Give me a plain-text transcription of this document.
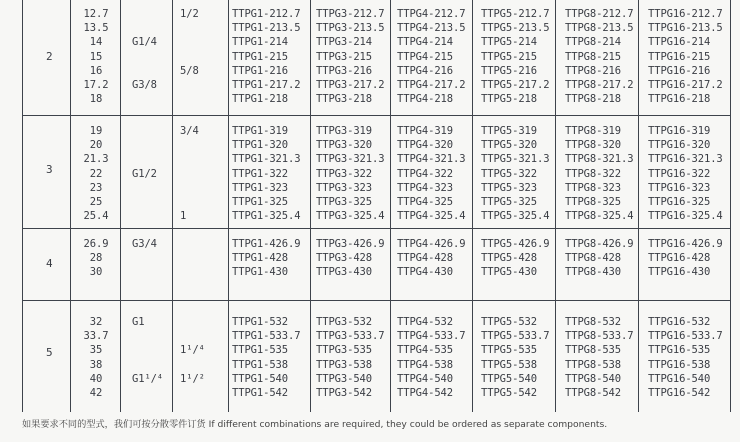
2
12.7
13.5
14
15
16
17.2
18
G1/4
G3/8
1/2
5/8
TTPG1-212.7
TTPG1-213.5
TTPG1-214
TTPG1-215
TTPG1-216
TTPG1-217.2
TTPG1-218
TTPG3-212.7
TTPG3-213.5
TTPG3-214
TTPG3-215
TTPG3-216
TTPG3-217.2
TTPG3-218
TTPG4-212.7
TTPG4-213.5
TTPG4-214
TTPG4-215
TTPG4-216
TTPG4-217.2
TTPG4-218
TTPG5-212.7
TTPG5-213.5
TTPG5-214
TTPG5-215
TTPG5-216
TTPG5-217.2
TTPG5-218
TTPG8-212.7
TTPG8-213.5
TTPG8-214
TTPG8-215
TTPG8-216
TTPG8-217.2
TTPG8-218
TTPG16-212.7
TTPG16-213.5
TTPG16-214
TTPG16-215
TTPG16-216
TTPG16-217.2
TTPG16-218
3
19
20
21.3
22
23
25
25.4
G1/2
3/4
1
TTPG1-319
TTPG1-320
TTPG1-321.3
TTPG1-322
TTPG1-323
TTPG1-325
TTPG1-325.4
TTPG3-319
TTPG3-320
TTPG3-321.3
TTPG3-322
TTPG3-323
TTPG3-325
TTPG3-325.4
TTPG4-319
TTPG4-320
TTPG4-321.3
TTPG4-322
TTPG4-323
TTPG4-325
TTPG4-325.4
TTPG5-319
TTPG5-320
TTPG5-321.3
TTPG5-322
TTPG5-323
TTPG5-325
TTPG5-325.4
TTPG8-319
TTPG8-320
TTPG8-321.3
TTPG8-322
TTPG8-323
TTPG8-325
TTPG8-325.4
TTPG16-319
TTPG16-320
TTPG16-321.3
TTPG16-322
TTPG16-323
TTPG16-325
TTPG16-325.4
4
26.9
28
30
G3/4	TTPG1-426.9
TTPG1-428
TTPG1-430
TTPG3-426.9
TTPG3-428
TTPG3-430
TTPG4-426.9
TTPG4-428
TTPG4-430
TTPG5-426.9
TTPG5-428
TTPG5-430
TTPG8-426.9
TTPG8-428
TTPG8-430
TTPG16-426.9
TTPG16-428
TTPG16-430
5
32
33.7
35
38
40
42
G1
G1¹/⁴
1¹/⁴
1¹/²
TTPG1-532
TTPG1-533.7
TTPG1-535
TTPG1-538
TTPG1-540
TTPG1-542
TTPG3-532
TTPG3-533.7
TTPG3-535
TTPG3-538
TTPG3-540
TTPG3-542
TTPG4-532
TTPG4-533.7
TTPG4-535
TTPG4-538
TTPG4-540
TTPG4-542
TTPG5-532
TTPG5-533.7
TTPG5-535
TTPG5-538
TTPG5-540
TTPG5-542
TTPG8-532
TTPG8-533.7
TTPG8-535
TTPG8-538
TTPG8-540
TTPG8-542
TTPG16-532
TTPG16-533.7
TTPG16-535
TTPG16-538
TTPG16-540
TTPG16-542
如果要求不同的型式，我们可按分散零件订货 If different combinations are required, they could be ordered as separate components.
